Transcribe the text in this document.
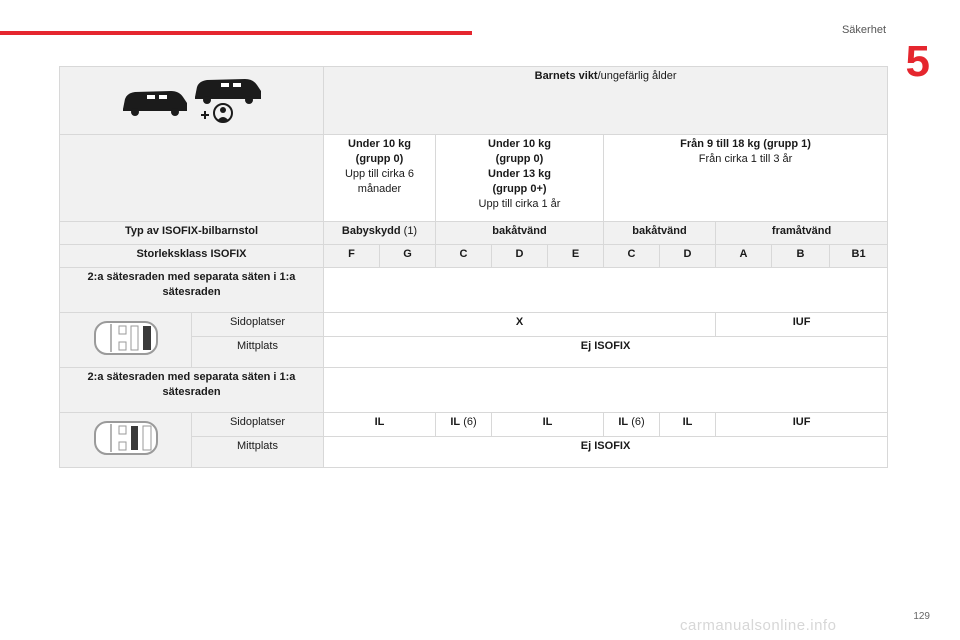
Säkerhet
5
129
carmanualsonline.info
	Barnets vikt/ungefärlig ålder									
		Under 10 kg
(grupp 0)
Upp till cirka 6
månader		Under 10 kg
(grupp 0)
Under 13 kg
(grupp 0+)
Upp till cirka 1 år			Från 9 till 18 kg (grupp 1)
Från cirka 1 till 3 år				
Typ av ISOFIX-bilbarnstol		Babyskydd (1)		bakåtvänd			bakåtvänd		framåtvänd		
Storleksklass ISOFIX		F	G	C	D	E	C	D	A	B	B1
2:a sätesraden med separata säten i 1:a
sätesraden											
	Sidoplatser	X							IUF		
	Mittplats	Ej ISOFIX									
2:a sätesraden med separata säten i 1:a
sätesraden											
	Sidoplatser	IL		IL (6)	IL		IL (6)	IL	IUF		
	Mittplats	Ej ISOFIX									
